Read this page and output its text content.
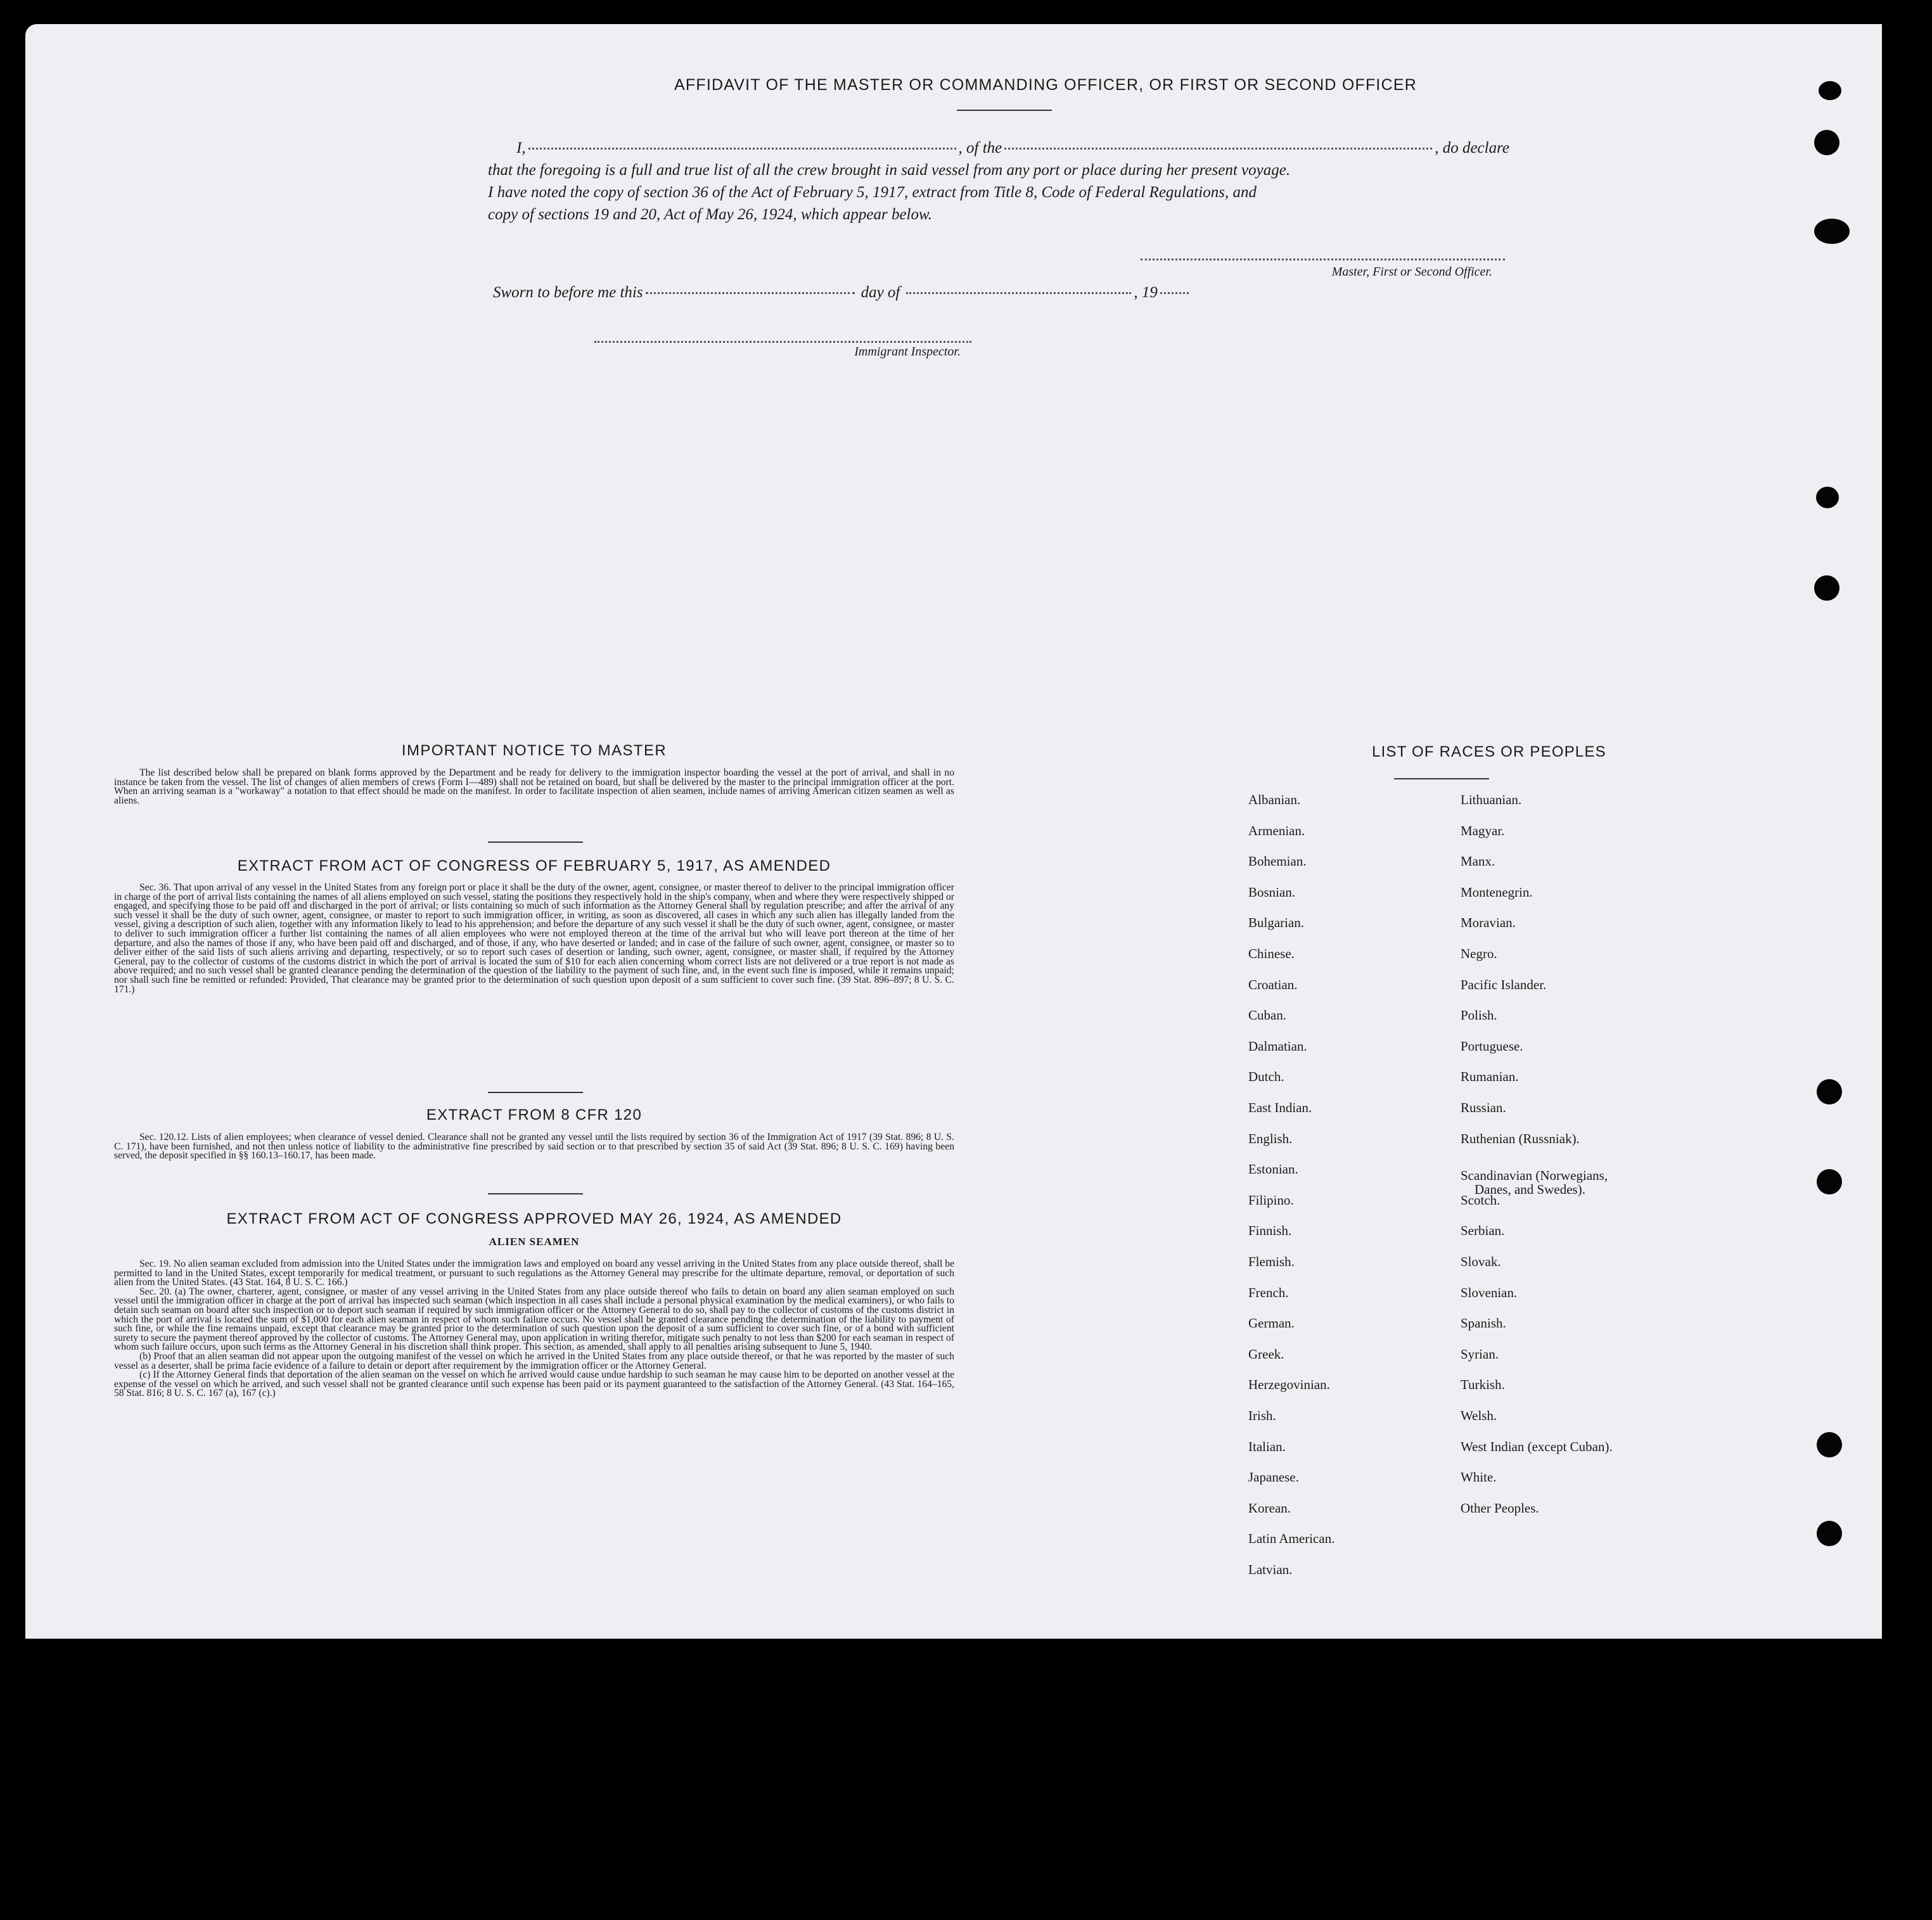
AFFIDAVIT OF THE MASTER OR COMMANDING OFFICER, OR FIRST OR SECOND OFFICER

I,	, of the	, do declare

that the foregoing is a full and true list of all the crew brought in said vessel from any port or place during her present voyage.

I have noted the copy of section 36 of the Act of February 5, 1917, extract from Title 8, Code of Federal Regulations, and

copy of sections 19 and 20, Act of May 26, 1924, which appear below.

Master, First or Second Officer.
Sworn to before me this	day of	, 19
Immigrant Inspector.
IMPORTANT NOTICE TO MASTER

The list described below shall be prepared on blank forms approved by the Department and be ready for delivery to the immigration inspector boarding the vessel at the port of arrival, and shall in no instance be taken from the vessel. The list of changes of alien members of crews (Form I—489) shall not be retained on board, but shall be delivered by the master to the principal immigration officer at the port. When an arriving seaman is a "workaway" a notation to that effect should be made on the manifest. In order to facilitate inspection of alien seamen, include names of arriving American citizen seamen as well as aliens.

EXTRACT FROM ACT OF CONGRESS OF FEBRUARY 5, 1917, AS AMENDED

Sec. 36. That upon arrival of any vessel in the United States from any foreign port or place it shall be the duty of the owner, agent, consignee, or master thereof to deliver to the principal immigration officer in charge of the port of arrival lists containing the names of all aliens employed on such vessel, stating the positions they respectively hold in the ship's company, when and where they were respectively shipped or engaged, and specifying those to be paid off and discharged in the port of arrival; or lists containing so much of such information as the Attorney General shall by regulation prescribe; and after the arrival of any such vessel it shall be the duty of such owner, agent, consignee, or master to report to such immigration officer, in writing, as soon as discovered, all cases in which any such alien has illegally landed from the vessel, giving a description of such alien, together with any information likely to lead to his apprehension; and before the departure of any such vessel it shall be the duty of such owner, agent, consignee, or master to deliver to such immigration officer a further list containing the names of all alien employees who were not employed thereon at the time of the arrival but who will leave port thereon at the time of her departure, and also the names of those if any, who have been paid off and discharged, and of those, if any, who have deserted or landed; and in case of the failure of such owner, agent, consignee, or master so to deliver either of the said lists of such aliens arriving and departing, respectively, or so to report such cases of desertion or landing, such owner, agent, consignee, or master shall, if required by the Attorney General, pay to the collector of customs of the customs district in which the port of arrival is located the sum of $10 for each alien concerning whom correct lists are not delivered or a true report is not made as above required; and no such vessel shall be granted clearance pending the determination of the question of the liability to the payment of such fine, and, in the event such fine is imposed, while it remains unpaid; nor shall such fine be remitted or refunded: Provided, That clearance may be granted prior to the determination of such question upon deposit of a sum sufficient to cover such fine. (39 Stat. 896–897; 8 U. S. C. 171.)

EXTRACT FROM 8 CFR 120

Sec. 120.12. Lists of alien employees; when clearance of vessel denied. Clearance shall not be granted any vessel until the lists required by section 36 of the Immigration Act of 1917 (39 Stat. 896; 8 U. S. C. 171), have been furnished, and not then unless notice of liability to the administrative fine prescribed by said section or to that prescribed by section 35 of said Act (39 Stat. 896; 8 U. S. C. 169) having been served, the deposit specified in §§ 160.13–160.17, has been made.

EXTRACT FROM ACT OF CONGRESS APPROVED MAY 26, 1924, AS AMENDED
ALIEN SEAMEN

Sec. 19. No alien seaman excluded from admission into the United States under the immigration laws and employed on board any vessel arriving in the United States from any place outside thereof, shall be permitted to land in the United States, except temporarily for medical treatment, or pursuant to such regulations as the Attorney General may prescribe for the ultimate departure, removal, or deportation of such alien from the United States. (43 Stat. 164, 8 U. S. C. 166.)

Sec. 20. (a) The owner, charterer, agent, consignee, or master of any vessel arriving in the United States from any place outside thereof who fails to detain on board any alien seaman employed on such vessel until the immigration officer in charge at the port of arrival has inspected such seaman (which inspection in all cases shall include a personal physical examination by the medical examiners), or who fails to detain such seaman on board after such inspection or to deport such seaman if required by such immigration officer or the Attorney General to do so, shall pay to the collector of customs of the customs district in which the port of arrival is located the sum of $1,000 for each alien seaman in respect of whom such failure occurs. No vessel shall be granted clearance pending the determination of the liability to payment of such fine, or while the fine remains unpaid, except that clearance may be granted prior to the determination of such question upon the deposit of a sum sufficient to cover such fine, or of a bond with sufficient surety to secure the payment thereof approved by the collector of customs. The Attorney General may, upon application in writing therefor, mitigate such penalty to not less than $200 for each seaman in respect of whom such failure occurs, upon such terms as the Attorney General in his discretion shall think proper. This section, as amended, shall apply to all penalties arising subsequent to June 5, 1940.

(b) Proof that an alien seaman did not appear upon the outgoing manifest of the vessel on which he arrived in the United States from any place outside thereof, or that he was reported by the master of such vessel as a deserter, shall be prima facie evidence of a failure to detain or deport after requirement by the immigration officer or the Attorney General.

(c) If the Attorney General finds that deportation of the alien seaman on the vessel on which he arrived would cause undue hardship to such seaman he may cause him to be deported on another vessel at the expense of the vessel on which he arrived, and such vessel shall not be granted clearance until such expense has been paid or its payment guaranteed to the satisfaction of the Attorney General. (43 Stat. 164–165, 58 Stat. 816; 8 U. S. C. 167 (a), 167 (c).)

LIST OF RACES OR PEOPLES
Albanian.
Armenian.
Bohemian.
Bosnian.
Bulgarian.
Chinese.
Croatian.
Cuban.
Dalmatian.
Dutch.
East Indian.
English.
Estonian.
Filipino.
Finnish.
Flemish.
French.
German.
Greek.
Herzegovinian.
Irish.
Italian.
Japanese.
Korean.
Latin American.
Latvian.
Lithuanian.
Magyar.
Manx.
Montenegrin.
Moravian.
Negro.
Pacific Islander.
Polish.
Portuguese.
Rumanian.
Russian.
Ruthenian (Russniak).
Scandinavian (Norwegians,
Danes, and Swedes).
Scotch.
Serbian.
Slovak.
Slovenian.
Spanish.
Syrian.
Turkish.
Welsh.
West Indian (except Cuban).
White.
Other Peoples.
